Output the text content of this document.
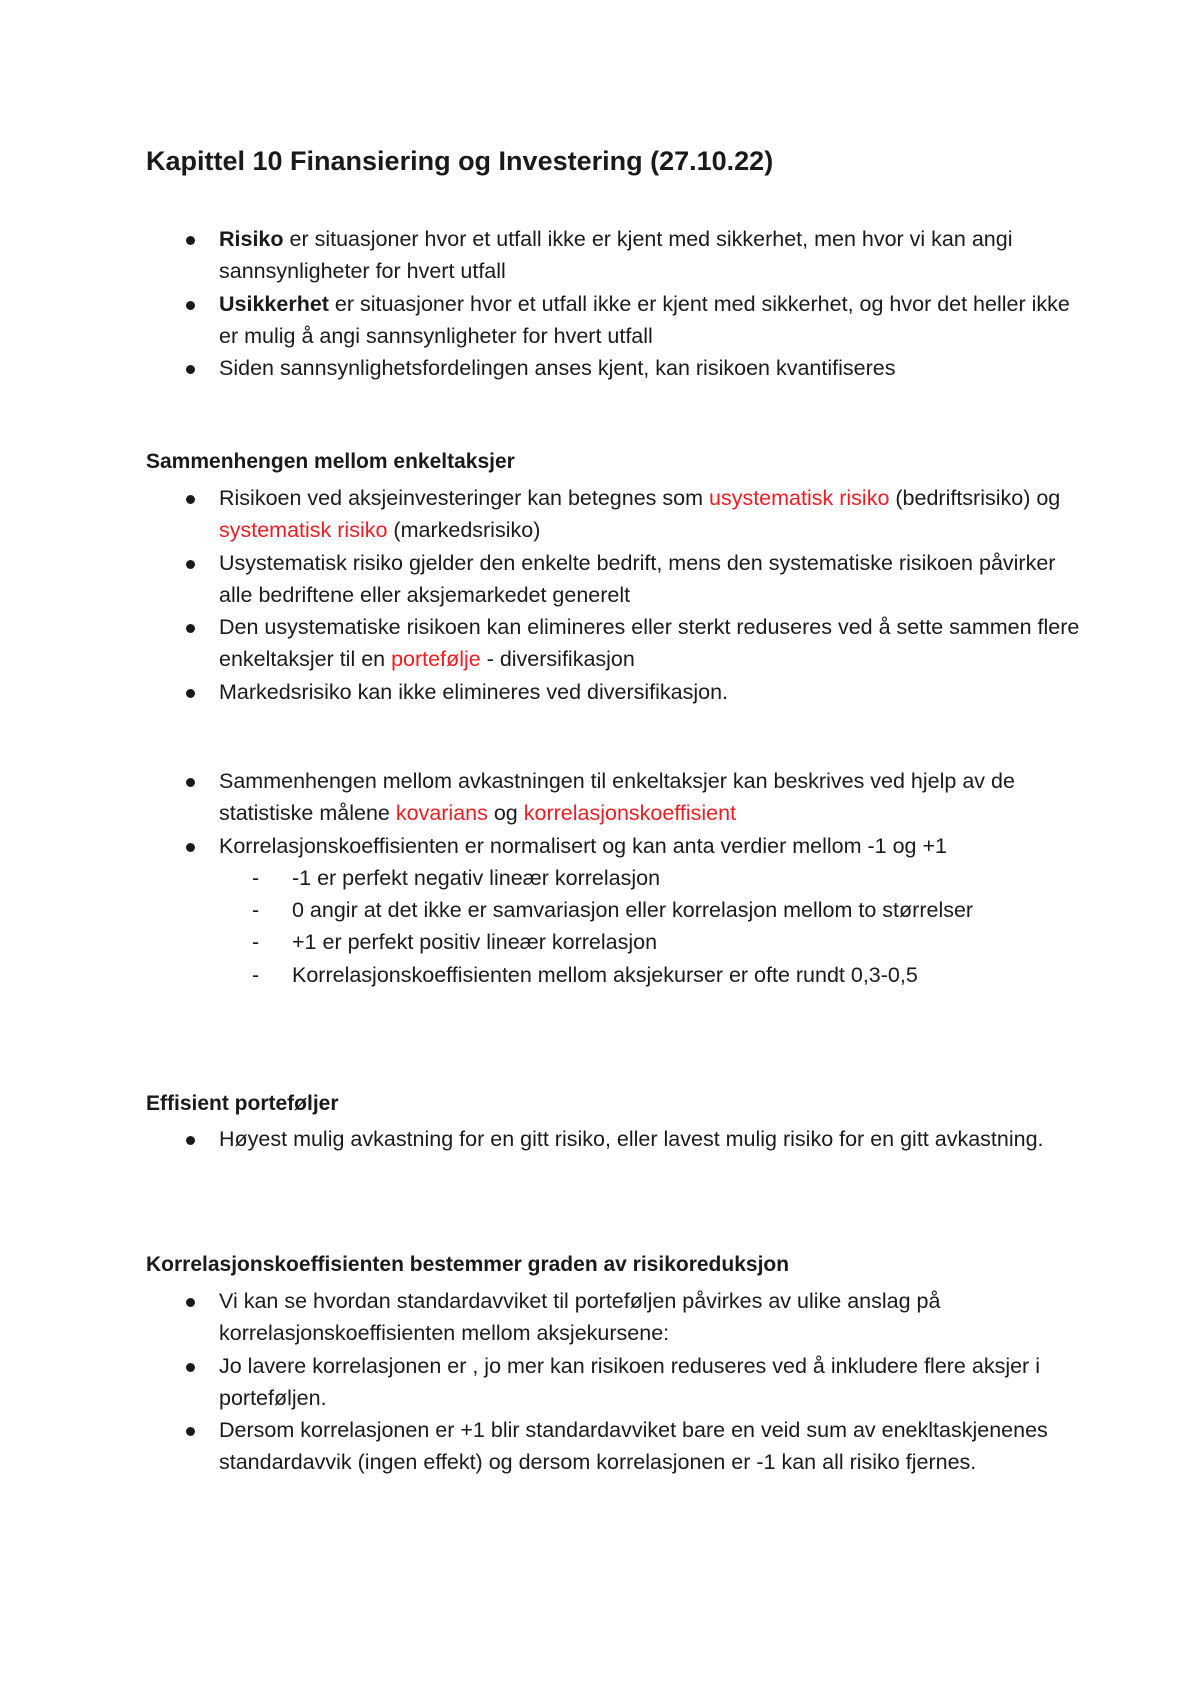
Kapittel 10 Finansiering og Investering (27.10.22)
Risiko er situasjoner hvor et utfall ikke er kjent med sikkerhet, men hvor vi kan angi sannsynligheter for hvert utfall
Usikkerhet er situasjoner hvor et utfall ikke er kjent med sikkerhet, og hvor det heller ikke er mulig å angi sannsynligheter for hvert utfall
Siden sannsynlighetsfordelingen anses kjent, kan risikoen kvantifiseres
Sammenhengen mellom enkeltaksjer
Risikoen ved aksjeinvesteringer kan betegnes som usystematisk risiko (bedriftsrisiko) og systematisk risiko (markedsrisiko)
Usystematisk risiko gjelder den enkelte bedrift, mens den systematiske risikoen påvirker alle bedriftene eller aksjemarkedet generelt
Den usystematiske risikoen kan elimineres eller sterkt reduseres ved å sette sammen flere enkeltaksjer til en portefølje - diversifikasjon
Markedsrisiko kan ikke elimineres ved diversifikasjon.
Sammenhengen mellom avkastningen til enkeltaksjer kan beskrives ved hjelp av de statistiske målene kovarians og korrelasjonskoeffisient
Korrelasjonskoeffisienten er normalisert og kan anta verdier mellom -1 og +1
- -1 er perfekt negativ lineær korrelasjon
- 0 angir at det ikke er samvariasjon eller korrelasjon mellom to størrelser
- +1 er perfekt positiv lineær korrelasjon
- Korrelasjonskoeffisienten mellom aksjekurser er ofte rundt 0,3-0,5
Effisient porteføljer
Høyest mulig avkastning for en gitt risiko, eller lavest mulig risiko for en gitt avkastning.
Korrelasjonskoeffisienten bestemmer graden av risikoreduksjon
Vi kan se hvordan standardavviket til porteføljen påvirkes av ulike anslag på korrelasjonskoeffisienten mellom aksjekursene:
Jo lavere korrelasjonen er , jo mer kan risikoen reduseres ved å inkludere flere aksjer i porteføljen.
Dersom korrelasjonen er +1 blir standardavviket bare en veid sum av enekltaskjenenes standardavvik (ingen effekt) og dersom korrelasjonen er -1 kan all risiko fjernes.
